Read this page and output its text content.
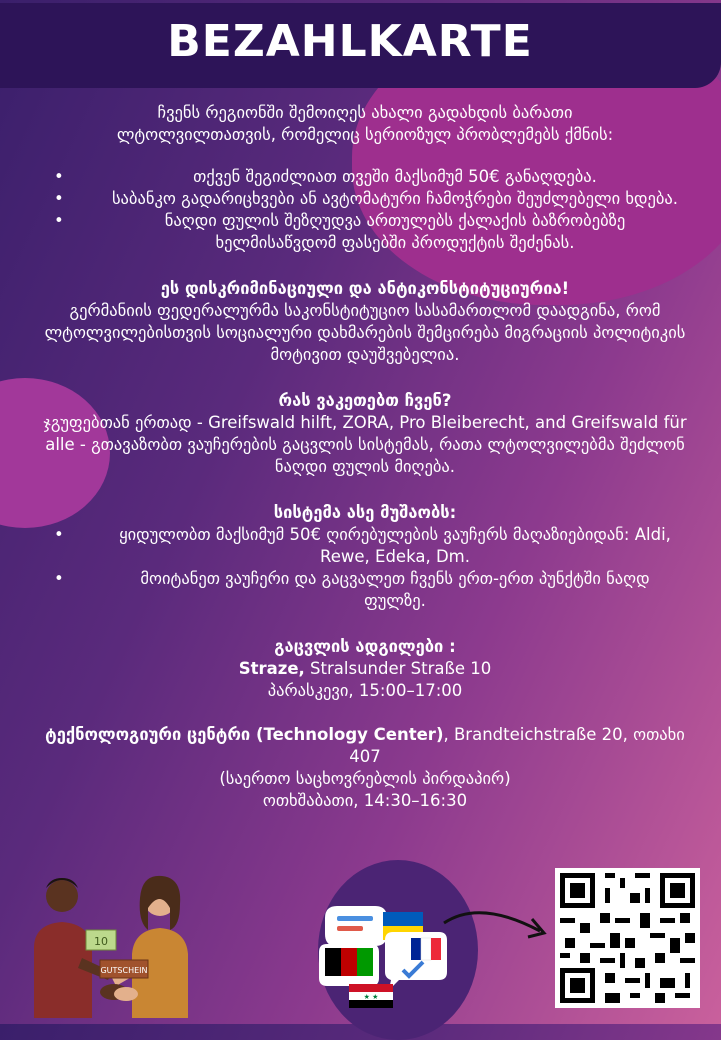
BEZAHLKARTE

ჩვენს რეგიონში შემოიღეს ახალი გადახდის ბარათი
ლტოლვილთათვის, რომელიც სერიოზულ პრობლემებს ქმნის:

• თქვენ შეგიძლიათ თვეში მაქსიმუმ 50€ განაღდება.
• საბანკო გადარიცხვები ან ავტომატური ჩამოჭრები შეუძლებელი ხდება.
• ნაღდი ფულის შეზღუდვა ართულებს ქალაქის ბაზრობებზე ხელმისაწვდომ ფასებში პროდუქტის შეძენას.

ეს დისკრიმინაციული და ანტიკონსტიტუციურია!

გერმანიის ფედერალურმა საკონსტიტუციო სასამართლომ დაადგინა, რომ ლტოლვილებისთვის სოციალური დახმარების შემცირება მიგრაციის პოლიტიკის მოტივით დაუშვებელია.

რას ვაკეთებთ ჩვენ?

ჯგუფებთან ერთად - Greifswald hilft, ZORA, Pro Bleiberecht, and Greifswald für alle - გთავაზობთ ვაუჩერების გაცვლის სისტემას, რათა ლტოლვილებმა შეძლონ ნაღდი ფულის მიღება.

სისტემა ასე მუშაობს:

• ყიდულობთ მაქსიმუმ 50€ ღირებულების ვაუჩერს მაღაზიებიდან: Aldi, Rewe, Edeka, Dm.
• მოიტანეთ ვაუჩერი და გაცვალეთ ჩვენს ერთ-ერთ პუნქტში ნაღდ ფულზე.

გაცვლის ადგილები :

Straze, Stralsunder Straße 10

პარასკევი, 15:00–17:00

ტექნოლოგიური ცენტრი (Technology Center), Brandteichstraße 20, ოთახი 407

(საერთო საცხოვრებლის პირდაპირ)

ოთხშაბათი, 14:30–16:30

10
GUTSCHEIN
★ ★
